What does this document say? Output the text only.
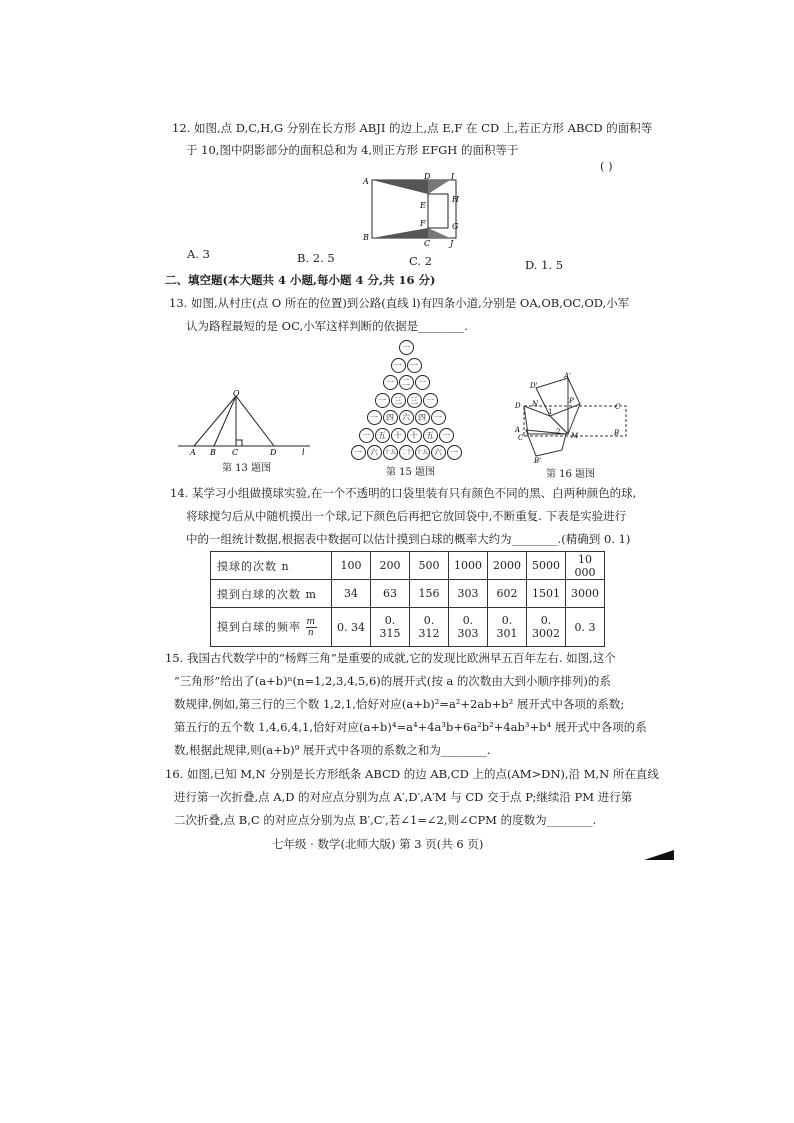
12. 如图,点 D,C,H,G 分别在长方形 ABJI 的边上,点 E,F 在 CD 上,若正方形 ABCD 的面积等
于 10,图中阴影部分的面积总和为 4,则正方形 EFGH 的面积等于
( )
A
D	I
E
H
F	G
B
C J
A. 3	B. 2. 5	C. 2	D. 1. 5
二、填空题(本大题共 4 小题,每小题 4 分,共 16 分)
13. 如图,从村庄(点 O 所在的位置)到公路(直线 l)有四条小道,分别是 OA,OB,OC,OD,小军
认为路程最短的是 OC,小军这样判断的依据是________.
O
A B C	D	l
第 13 题图
一
一	一
一	二	一
一	三	三	一
一	四	六	四	一
一	五	十	十	五	一
一	六 十五 二十 十五 六	一
第 15 题图
D'
A'
N	P
D	C
A
1
2 M	B
C'
B'
第 16 题图
14. 某学习小组做摸球实验,在一个不透明的口袋里装有只有颜色不同的黑、白两种颜色的球,
将球搅匀后从中随机摸出一个球,记下颜色后再把它放回袋中,不断重复. 下表是实验进行
中的一组统计数据,根据表中数据可以估计摸到白球的概率大约为________.(精确到 0. 1)
摸球的次数 n	100	200	500	1000	2000	5000	10 000
摸到白球的次数 m	34	63	156	303	602	1501	3000
摸到白球的频率 $\frac{m}{n}$	0. 34	0. 315	0. 312	0. 303	0. 301	0. 3002	0. 3
15. 我国古代数学中的“杨辉三角”是重要的成就,它的发现比欧洲早五百年左右. 如图,这个
“三角形”给出了(a+b)ⁿ(n=1,2,3,4,5,6)的展开式(按 a 的次数由大到小顺序排列)的系
数规律,例如,第三行的三个数 1,2,1,恰好对应(a+b)²=a²+2ab+b² 展开式中各项的系数;
第五行的五个数 1,4,6,4,1,恰好对应(a+b)⁴=a⁴+4a³b+6a²b²+4ab³+b⁴ 展开式中各项的系
数,根据此规律,则(a+b)⁹ 展开式中各项的系数之和为________.
16. 如图,已知 M,N 分别是长方形纸条 ABCD 的边 AB,CD 上的点(AM>DN),沿 M,N 所在直线
进行第一次折叠,点 A,D 的对应点分别为点 A′,D′,A′M 与 CD 交于点 P;继续沿 PM 进行第
二次折叠,点 B,C 的对应点分别为点 B′,C′,若∠1=∠2,则∠CPM 的度数为________.
七年级 · 数学(北师大版) 第 3 页(共 6 页)
